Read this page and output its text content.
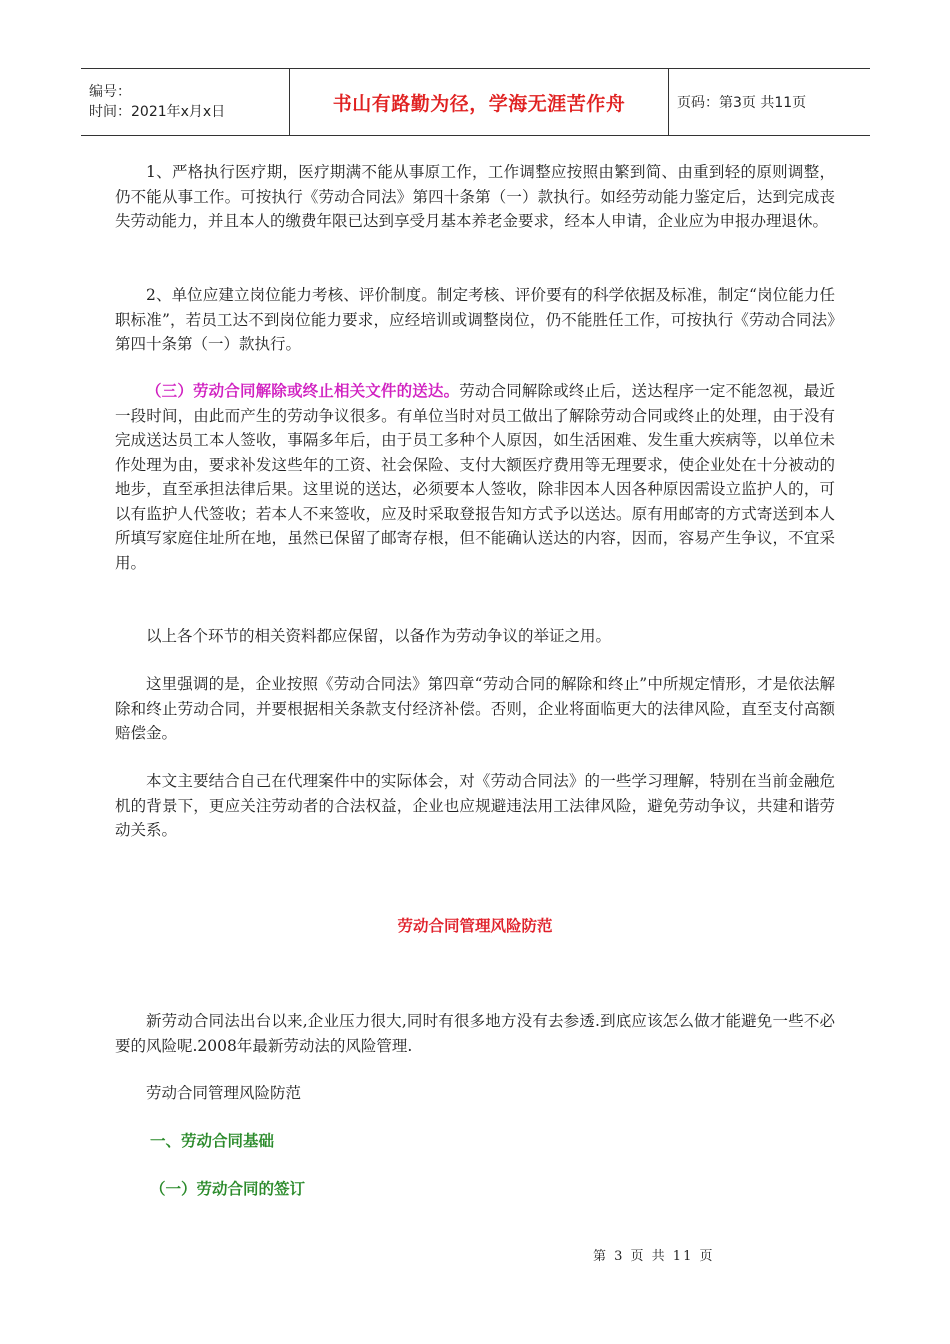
编号：
时间：2021年x月x日	书山有路勤为径，学海无涯苦作舟	页码：第3页 共11页

1、严格执行医疗期，医疗期满不能从事原工作，工作调整应按照由繁到简、由重到轻的原则调整，仍不能从事工作。可按执行《劳动合同法》第四十条第（一）款执行。如经劳动能力鉴定后，达到完成丧失劳动能力，并且本人的缴费年限已达到享受月基本养老金要求，经本人申请，企业应为申报办理退休。

2、单位应建立岗位能力考核、评价制度。制定考核、评价要有的科学依据及标准，制定“岗位能力任职标准”，若员工达不到岗位能力要求，应经培训或调整岗位，仍不能胜任工作，可按执行《劳动合同法》第四十条第（一）款执行。

（三）劳动合同解除或终止相关文件的送达。劳动合同解除或终止后，送达程序一定不能忽视，最近一段时间，由此而产生的劳动争议很多。有单位当时对员工做出了解除劳动合同或终止的处理，由于没有完成送达员工本人签收，事隔多年后，由于员工多种个人原因，如生活困难、发生重大疾病等，以单位未作处理为由，要求补发这些年的工资、社会保险、支付大额医疗费用等无理要求，使企业处在十分被动的地步，直至承担法律后果。这里说的送达，必须要本人签收，除非因本人因各种原因需设立监护人的，可以有监护人代签收；若本人不来签收，应及时采取登报告知方式予以送达。原有用邮寄的方式寄送到本人所填写家庭住址所在地，虽然已保留了邮寄存根，但不能确认送达的内容，因而，容易产生争议，不宜采用。

以上各个环节的相关资料都应保留，以备作为劳动争议的举证之用。

这里强调的是，企业按照《劳动合同法》第四章“劳动合同的解除和终止”中所规定情形，才是依法解除和终止劳动合同，并要根据相关条款支付经济补偿。否则，企业将面临更大的法律风险，直至支付高额赔偿金。

本文主要结合自己在代理案件中的实际体会，对《劳动合同法》的一些学习理解，特别在当前金融危机的背景下，更应关注劳动者的合法权益，企业也应规避违法用工法律风险，避免劳动争议，共建和谐劳动关系。

劳动合同管理风险防范

新劳动合同法出台以来,企业压力很大,同时有很多地方没有去参透.到底应该怎么做才能避免一些不必要的风险呢.2008年最新劳动法的风险管理.

劳动合同管理风险防范

一、劳动合同基础
（一）劳动合同的签订
第 3 页 共 11 页
